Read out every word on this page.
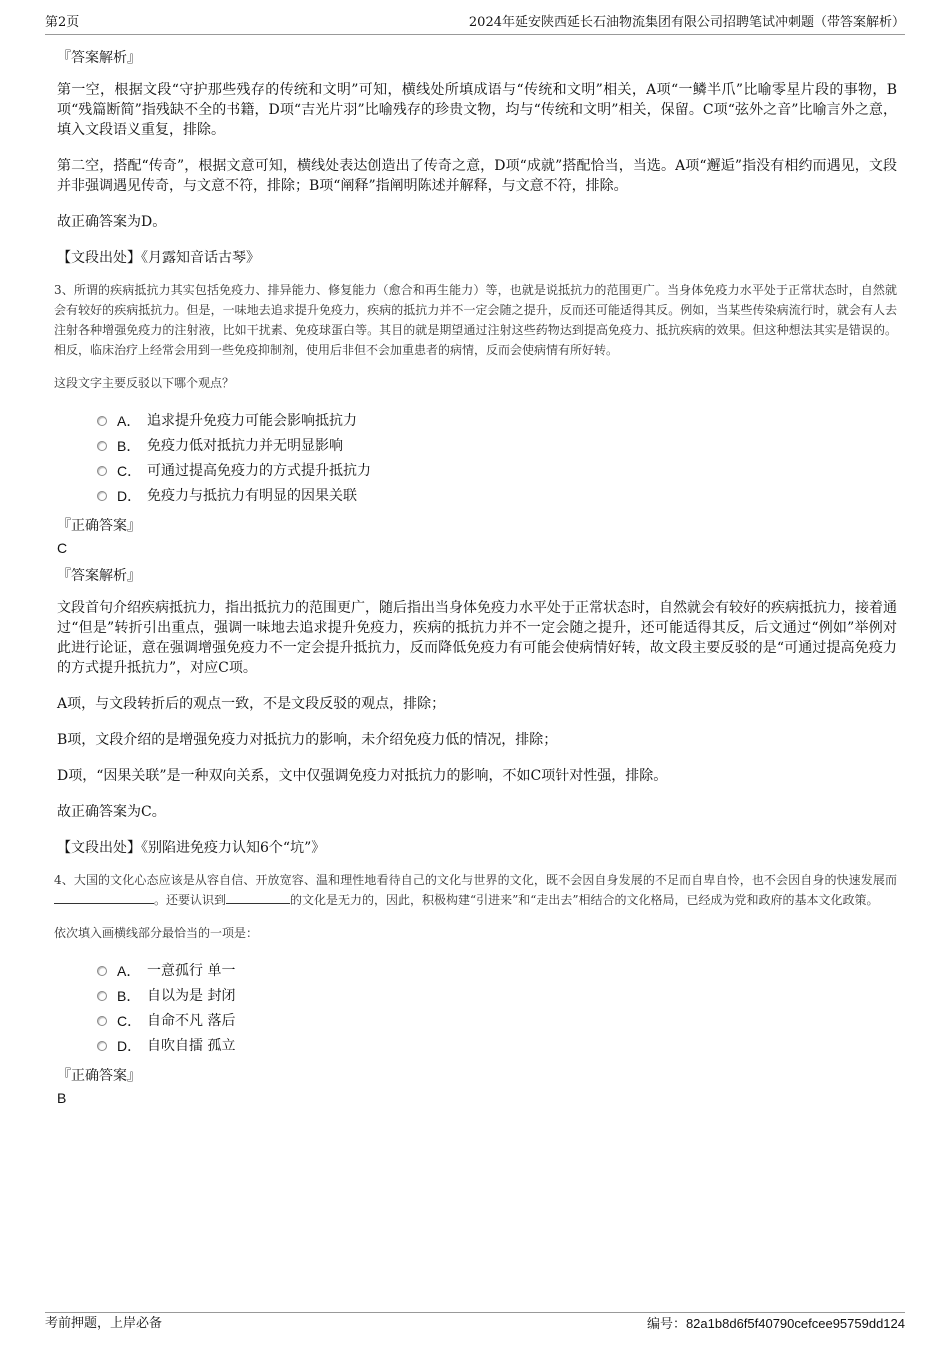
第2页	2024年延安陕西延长石油物流集团有限公司招聘笔试冲刺题（带答案解析）
『答案解析』

第一空，根据文段“守护那些残存的传统和文明”可知，横线处所填成语与“传统和文明”相关，A项“一鳞半爪”比喻零星片段的事物，B项“残篇断简”指残缺不全的书籍，D项“吉光片羽”比喻残存的珍贵文物，均与“传统和文明”相关，保留。C项“弦外之音”比喻言外之意，填入文段语义重复，排除。

第二空，搭配“传奇”，根据文意可知，横线处表达创造出了传奇之意，D项“成就”搭配恰当，当选。A项“邂逅”指没有相约而遇见，文段并非强调遇见传奇，与文意不符，排除；B项“阐释”指阐明陈述并解释，与文意不符，排除。

故正确答案为D。

【文段出处】《月露知音话古琴》

3、所谓的疾病抵抗力其实包括免疫力、排异能力、修复能力（愈合和再生能力）等，也就是说抵抗力的范围更广。当身体免疫力水平处于正常状态时，自然就会有较好的疾病抵抗力。但是，一味地去追求提升免疫力，疾病的抵抗力并不一定会随之提升，反而还可能适得其反。例如，当某些传染病流行时，就会有人去注射各种增强免疫力的注射液，比如干扰素、免疫球蛋白等。其目的就是期望通过注射这些药物达到提高免疫力、抵抗疾病的效果。但这种想法其实是错误的。相反，临床治疗上经常会用到一些免疫抑制剂，使用后非但不会加重患者的病情，反而会使病情有所好转。

这段文字主要反驳以下哪个观点？
A． 追求提升免疫力可能会影响抵抗力
B． 免疫力低对抵抗力并无明显影响
C． 可通过提高免疫力的方式提升抵抗力
D． 免疫力与抵抗力有明显的因果关联
『正确答案』
C
『答案解析』

文段首句介绍疾病抵抗力，指出抵抗力的范围更广，随后指出当身体免疫力水平处于正常状态时，自然就会有较好的疾病抵抗力，接着通过“但是”转折引出重点，强调一味地去追求提升免疫力，疾病的抵抗力并不一定会随之提升，还可能适得其反，后文通过“例如”举例对此进行论证，意在强调增强免疫力不一定会提升抵抗力，反而降低免疫力有可能会使病情好转，故文段主要反驳的是“可通过提高免疫力的方式提升抵抗力”，对应C项。

A项，与文段转折后的观点一致，不是文段反驳的观点，排除；

B项，文段介绍的是增强免疫力对抵抗力的影响，未介绍免疫力低的情况，排除；

D项，“因果关联”是一种双向关系，文中仅强调免疫力对抵抗力的影响，不如C项针对性强，排除。

故正确答案为C。

【文段出处】《别陷进免疫力认知6个“坑”》

4、大国的文化心态应该是从容自信、开放宽容、温和理性地看待自己的文化与世界的文化，既不会因自身发展的不足而自卑自怜，也不会因自身的快速发展而。还要认识到	的文化是无力的，因此，积极构建“引进来”和“走出去”相结合的文化格局，已经成为党和政府的基本文化政策。

依次填入画横线部分最恰当的一项是：
A． 一意孤行 单一
B． 自以为是 封闭
C． 自命不凡 落后
D． 自吹自擂 孤立
『正确答案』
B
考前押题，上岸必备	编号：82a1b8d6f5f40790cefcee95759dd124
